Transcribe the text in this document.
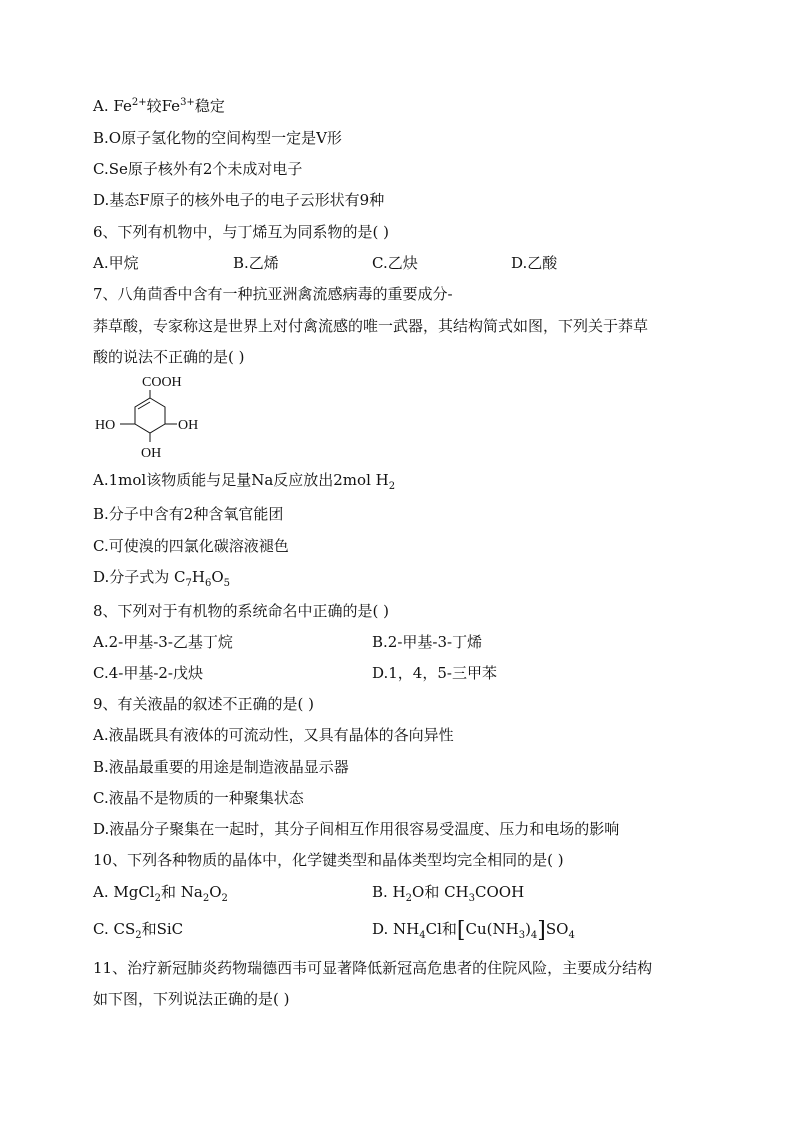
A. $Fe^{2+}$较$Fe^{3+}$稳定
B.O原子氢化物的空间构型一定是V形
C.Se原子核外有2个未成对电子
D.基态F原子的核外电子的电子云形状有9种
6、下列有机物中，与丁烯互为同系物的是( )
A.甲烷	B.乙烯	C.乙炔	D.乙酸
7、八角茴香中含有一种抗亚洲禽流感病毒的重要成分-
莽草酸，专家称这是世界上对付禽流感的唯一武器，其结构简式如图，下列关于莽草
酸的说法不正确的是( )
COOH
HO	OH
OH
A.1mol该物质能与足量Na反应放出2mol $H_2$
B.分子中含有2种含氧官能团
C.可使溴的四氯化碳溶液褪色
D.分子式为 $C_7H_6O_5$
8、下列对于有机物的系统命名中正确的是( )
A.2-甲基-3-乙基丁烷	B.2-甲基-3-丁烯
C.4-甲基-2-戊炔	D.1，4，5-三甲苯
9、有关液晶的叙述不正确的是( )
A.液晶既具有液体的可流动性，又具有晶体的各向异性
B.液晶最重要的用途是制造液晶显示器
C.液晶不是物质的一种聚集状态
D.液晶分子聚集在一起时，其分子间相互作用很容易受温度、压力和电场的影响
10、下列各种物质的晶体中，化学键类型和晶体类型均完全相同的是( )
A. MgCl$_2$和 $Na_2O_2$	B. $H_2O$和 $CH_3COOH$
C. $CS_2$和SiC	D. $NH_4Cl$和$[Cu(NH_3)_4]SO_4$
11、治疗新冠肺炎药物瑞德西韦可显著降低新冠高危患者的住院风险，主要成分结构
如下图，下列说法正确的是( )
